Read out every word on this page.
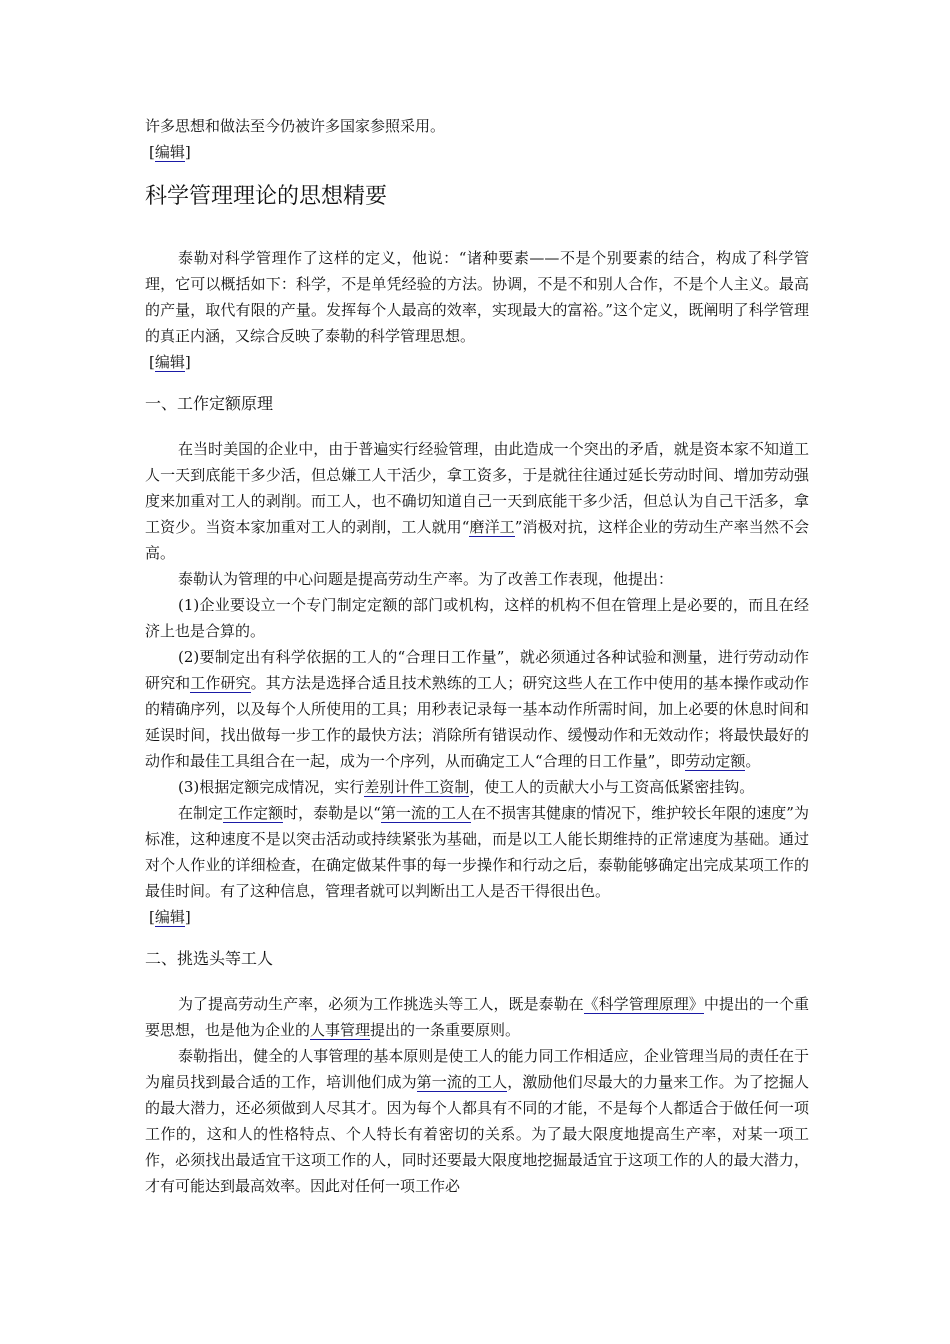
许多思想和做法至今仍被许多国家参照采用。
[编辑]
科学管理理论的思想精要

泰勒对科学管理作了这样的定义，他说：“诸种要素——不是个别要素的结合，构成了科学管理，它可以概括如下：科学，不是单凭经验的方法。协调，不是不和别人合作，不是个人主义。最高的产量，取代有限的产量。发挥每个人最高的效率，实现最大的富裕。”这个定义，既阐明了科学管理的真正内涵，又综合反映了泰勒的科学管理思想。

[编辑]
一、工作定额原理

在当时美国的企业中，由于普遍实行经验管理，由此造成一个突出的矛盾，就是资本家不知道工人一天到底能干多少活，但总嫌工人干活少，拿工资多，于是就往往通过延长劳动时间、增加劳动强度来加重对工人的剥削。而工人，也不确切知道自己一天到底能干多少活，但总认为自己干活多，拿工资少。当资本家加重对工人的剥削，工人就用“磨洋工”消极对抗，这样企业的劳动生产率当然不会高。

泰勒认为管理的中心问题是提高劳动生产率。为了改善工作表现，他提出：

(1)企业要设立一个专门制定定额的部门或机构，这样的机构不但在管理上是必要的，而且在经济上也是合算的。

(2)要制定出有科学依据的工人的“合理日工作量”，就必须通过各种试验和测量，进行劳动动作研究和工作研究。其方法是选择合适且技术熟练的工人；研究这些人在工作中使用的基本操作或动作的精确序列，以及每个人所使用的工具；用秒表记录每一基本动作所需时间，加上必要的休息时间和延误时间，找出做每一步工作的最快方法；消除所有错误动作、缓慢动作和无效动作；将最快最好的动作和最佳工具组合在一起，成为一个序列，从而确定工人“合理的日工作量”，即劳动定额。

(3)根据定额完成情况，实行差别计件工资制，使工人的贡献大小与工资高低紧密挂钩。

在制定工作定额时，泰勒是以“第一流的工人在不损害其健康的情况下，维护较长年限的速度”为标准，这种速度不是以突击活动或持续紧张为基础，而是以工人能长期维持的正常速度为基础。通过对个人作业的详细检查，在确定做某件事的每一步操作和行动之后，泰勒能够确定出完成某项工作的最佳时间。有了这种信息，管理者就可以判断出工人是否干得很出色。

[编辑]
二、挑选头等工人

为了提高劳动生产率，必须为工作挑选头等工人，既是泰勒在《科学管理原理》中提出的一个重要思想，也是他为企业的人事管理提出的一条重要原则。

泰勒指出，健全的人事管理的基本原则是使工人的能力同工作相适应，企业管理当局的责任在于为雇员找到最合适的工作，培训他们成为第一流的工人，激励他们尽最大的力量来工作。为了挖掘人的最大潜力，还必须做到人尽其才。因为每个人都具有不同的才能，不是每个人都适合于做任何一项工作的，这和人的性格特点、个人特长有着密切的关系。为了最大限度地提高生产率，对某一项工作，必须找出最适宜干这项工作的人，同时还要最大限度地挖掘最适宜于这项工作的人的最大潜力，才有可能达到最高效率。因此对任何一项工作必
